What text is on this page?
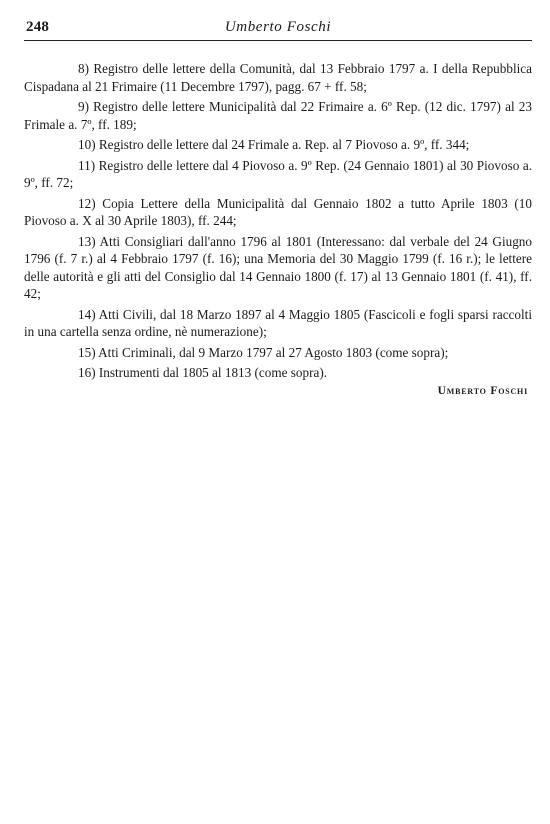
248	Umberto Foschi

8) Registro delle lettere della Comunità, dal 13 Febbraio 1797 a. I della Repubblica Cispadana al 21 Frimaire (11 Decembre 1797), pagg. 67 + ff. 58;

9) Registro delle lettere Municipalità dal 22 Frimaire a. 6º Rep. (12 dic. 1797) al 23 Frimale a. 7º, ff. 189;

10) Registro delle lettere dal 24 Frimale a. Rep. al 7 Piovoso a. 9º, ff. 344;

11) Registro delle lettere dal 4 Piovoso a. 9º Rep. (24 Gennaio 1801) al 30 Piovoso a. 9º, ff. 72;

12) Copia Lettere della Municipalità dal Gennaio 1802 a tutto Aprile 1803 (10 Piovoso a. X al 30 Aprile 1803), ff. 244;

13) Atti Consigliari dall'anno 1796 al 1801 (Interessano: dal verbale del 24 Giugno 1796 (f. 7 r.) al 4 Febbraio 1797 (f. 16); una Memoria del 30 Maggio 1799 (f. 16 r.); le lettere delle autorità e gli atti del Consiglio dal 14 Gennaio 1800 (f. 17) al 13 Gennaio 1801 (f. 41), ff. 42;

14) Atti Civili, dal 18 Marzo 1897 al 4 Maggio 1805 (Fascicoli e fogli sparsi raccolti in una cartella senza ordine, nè numerazione);

15) Atti Criminali, dal 9 Marzo 1797 al 27 Agosto 1803 (come sopra);

16) Instrumenti dal 1805 al 1813 (come sopra).

Umberto Foschi
